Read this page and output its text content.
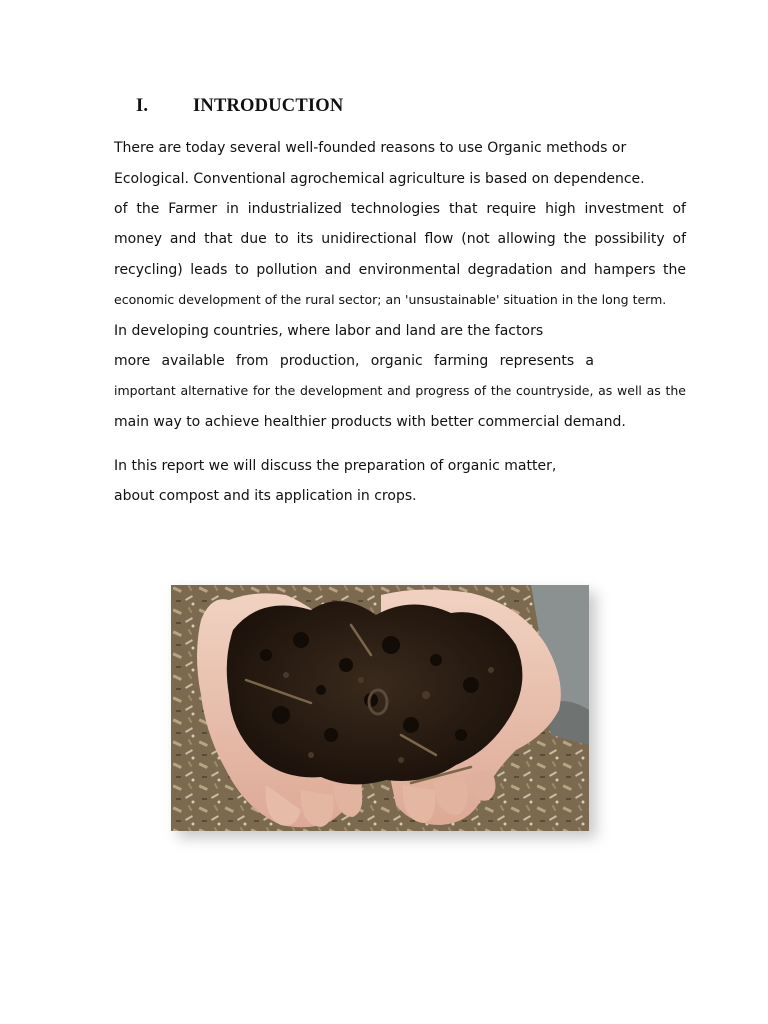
I. INTRODUCTION
There are today several well-founded reasons to use Organic methods or
Ecological. Conventional agrochemical agriculture is based on dependence.
of the Farmer in industrialized technologies that require high investment of
money and that due to its unidirectional flow (not allowing the possibility of
recycling) leads to pollution and environmental degradation and hampers the
economic development of the rural sector; an 'unsustainable' situation in the long term.
In developing countries, where labor and land are the factors
more available from production, organic farming represents a
important alternative for the development and progress of the countryside, as well as the
main way to achieve healthier products with better commercial demand.
In this report we will discuss the preparation of organic matter,
about compost and its application in crops.
